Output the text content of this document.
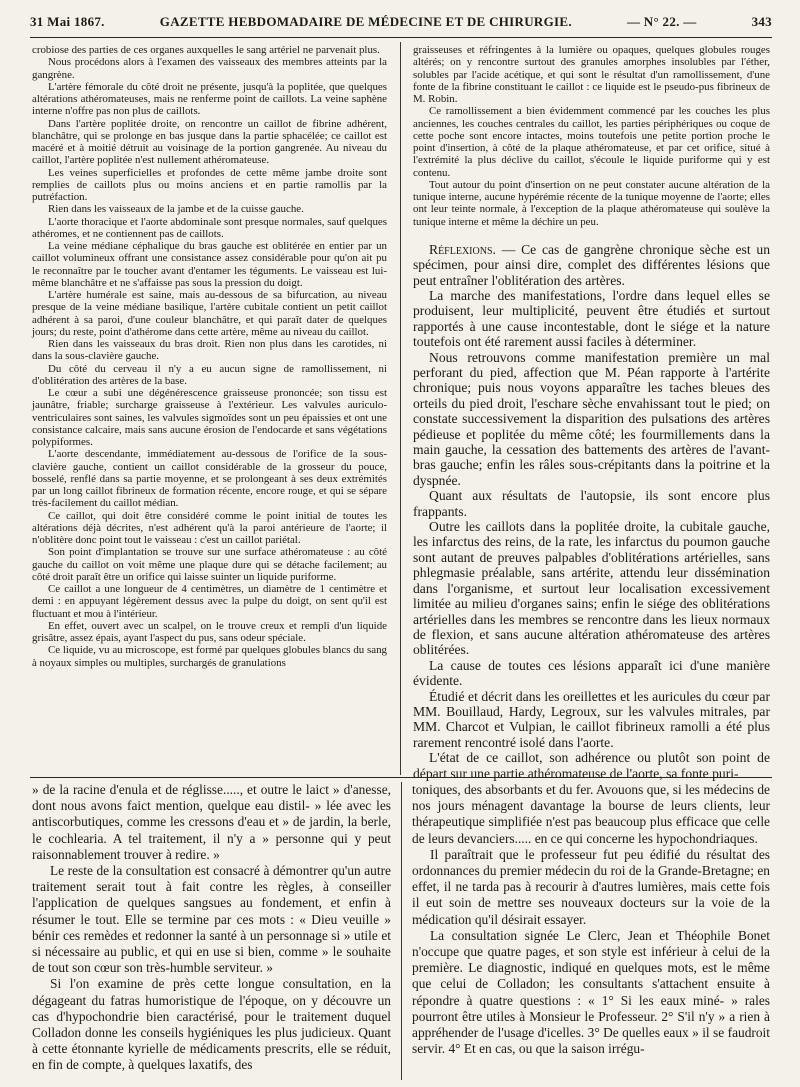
31 Mai 1867.	GAZETTE HEBDOMADAIRE DE MÉDECINE ET DE CHIRURGIE.	— N° 22. —	343

crobiose des parties de ces organes auxquelles le sang artériel ne parvenait plus.

Nous procédons alors à l'examen des vaisseaux des membres atteints par la gangrène.

L'artère fémorale du côté droit ne présente, jusqu'à la poplitée, que quelques altérations athéromateuses, mais ne renferme point de caillots. La veine saphène interne n'offre pas non plus de caillots.

Dans l'artère poplitée droite, on rencontre un caillot de fibrine adhérent, blanchâtre, qui se prolonge en bas jusque dans la partie sphacélée; ce caillot est macéré et à moitié détruit au voisinage de la portion gangrenée. Au niveau du caillot, l'artère poplitée n'est nullement athéromateuse.

Les veines superficielles et profondes de cette même jambe droite sont remplies de caillots plus ou moins anciens et en partie ramollis par la putréfaction.

Rien dans les vaisseaux de la jambe et de la cuisse gauche.

L'aorte thoracique et l'aorte abdominale sont presque normales, sauf quelques athéromes, et ne contiennent pas de caillots.

La veine médiane céphalique du bras gauche est oblitérée en entier par un caillot volumineux offrant une consistance assez considérable pour qu'on ait pu le reconnaître par le toucher avant d'entamer les téguments. Le vaisseau est lui-même blanchâtre et ne s'affaisse pas sous la pression du doigt.

L'artère humérale est saine, mais au-dessous de sa bifurcation, au niveau presque de la veine médiane basilique, l'artère cubitale contient un petit caillot adhérent à sa paroi, d'une couleur blanchâtre, et qui paraît dater de quelques jours; du reste, point d'athérome dans cette artère, même au niveau du caillot.

Rien dans les vaisseaux du bras droit. Rien non plus dans les carotides, ni dans la sous-clavière gauche.

Du côté du cerveau il n'y a eu aucun signe de ramollissement, ni d'oblitération des artères de la base.

Le cœur a subi une dégénérescence graisseuse prononcée; son tissu est jaunâtre, friable; surcharge graisseuse à l'extérieur. Les valvules auriculo-ventriculaires sont saines, les valvules sigmoïdes sont un peu épaissies et ont une consistance calcaire, mais sans aucune érosion de l'endocarde et sans végétations polypiformes.

L'aorte descendante, immédiatement au-dessous de l'orifice de la sous-clavière gauche, contient un caillot considérable de la grosseur du pouce, bosselé, renflé dans sa partie moyenne, et se prolongeant à ses deux extrémités par un long caillot fibrineux de formation récente, encore rouge, et qui se sépare très-facilement du caillot médian.

Ce caillot, qui doit être considéré comme le point initial de toutes les altérations déjà décrites, n'est adhérent qu'à la paroi antérieure de l'aorte; il n'oblitère donc point tout le vaisseau : c'est un caillot pariétal.

Son point d'implantation se trouve sur une surface athéromateuse : au côté gauche du caillot on voit même une plaque dure qui se détache facilement; au côté droit paraît être un orifice qui laisse suinter un liquide puriforme.

Ce caillot a une longueur de 4 centimètres, un diamètre de 1 centimètre et demi : en appuyant légèrement dessus avec la pulpe du doigt, on sent qu'il est fluctuant et mou à l'intérieur.

En effet, ouvert avec un scalpel, on le trouve creux et rempli d'un liquide grisâtre, assez épais, ayant l'aspect du pus, sans odeur spéciale.

Ce liquide, vu au microscope, est formé par quelques globules blancs du sang à noyaux simples ou multiples, surchargés de granulations

graisseuses et réfringentes à la lumière ou opaques, quelques globules rouges altérés; on y rencontre surtout des granules amorphes insolubles par l'éther, solubles par l'acide acétique, et qui sont le résultat d'un ramollissement, d'une fonte de la fibrine constituant le caillot : ce liquide est le pseudo-pus fibrineux de M. Robin.

Ce ramollissement a bien évidemment commencé par les couches les plus anciennes, les couches centrales du caillot, les parties périphériques ou coque de cette poche sont encore intactes, moins toutefois une petite portion proche le point d'insertion, à côté de la plaque athéromateuse, et par cet orifice, situé à l'extrémité la plus déclive du caillot, s'écoule le liquide puriforme qui y est contenu.

Tout autour du point d'insertion on ne peut constater aucune altération de la tunique interne, aucune hypérémie récente de la tunique moyenne de l'aorte; elles ont leur teinte normale, à l'exception de la plaque athéromateuse qui soulève la tunique interne et même la déchire un peu.

Réflexions. — Ce cas de gangrène chronique sèche est un spécimen, pour ainsi dire, complet des différentes lésions que peut entraîner l'oblitération des artères.

La marche des manifestations, l'ordre dans lequel elles se produisent, leur multiplicité, peuvent être étudiés et surtout rapportés à une cause incontestable, dont le siége et la nature toutefois ont été rarement aussi faciles à déterminer.

Nous retrouvons comme manifestation première un mal perforant du pied, affection que M. Péan rapporte à l'artérite chronique; puis nous voyons apparaître les taches bleues des orteils du pied droit, l'eschare sèche envahissant tout le pied; on constate successivement la disparition des pulsations des artères pédieuse et poplitée du même côté; les fourmillements dans la main gauche, la cessation des battements des artères de l'avant-bras gauche; enfin les râles sous-crépitants dans la poitrine et la dyspnée.

Quant aux résultats de l'autopsie, ils sont encore plus frappants.

Outre les caillots dans la poplitée droite, la cubitale gauche, les infarctus des reins, de la rate, les infarctus du poumon gauche sont autant de preuves palpables d'oblitérations artérielles, sans phlegmasie préalable, sans artérite, attendu leur dissémination dans l'organisme, et surtout leur localisation excessivement limitée au milieu d'organes sains; enfin le siége des oblitérations artérielles dans les membres se rencontre dans les lieux normaux de flexion, et sans aucune altération athéromateuse des artères oblitérées.

La cause de toutes ces lésions apparaît ici d'une manière évidente.

Étudié et décrit dans les oreillettes et les auricules du cœur par MM. Bouillaud, Hardy, Legroux, sur les valvules mitrales, par MM. Charcot et Vulpian, le caillot fibrineux ramolli a été plus rarement rencontré isolé dans l'aorte.

L'état de ce caillot, son adhérence ou plutôt son point de départ sur une partie athéromateuse de l'aorte, sa fonte puri-

» de la racine d'enula et de réglisse....., et outre le laict » d'anesse, dont nous avons faict mention, quelque eau distil- » lée avec les antiscorbutiques, comme les cressons d'eau et » de jardin, la berle, le cochlearia. A tel traitement, il n'y a » personne qui y peut raisonnablement trouver à redire. »

Le reste de la consultation est consacré à démontrer qu'un autre traitement serait tout à fait contre les règles, à conseiller l'application de quelques sangsues au fondement, et enfin à résumer le tout. Elle se termine par ces mots : « Dieu veuille » bénir ces remèdes et redonner la santé à un personnage si » utile et si nécessaire au public, et qui en use si bien, comme » le souhaite de tout son cœur son très-humble serviteur. »

Si l'on examine de près cette longue consultation, en la dégageant du fatras humoristique de l'époque, on y découvre un cas d'hypochondrie bien caractérisé, pour le traitement duquel Colladon donne les conseils hygiéniques les plus judicieux. Quant à cette étonnante kyrielle de médicaments prescrits, elle se réduit, en fin de compte, à quelques laxatifs, des

toniques, des absorbants et du fer. Avouons que, si les médecins de nos jours ménagent davantage la bourse de leurs clients, leur thérapeutique simplifiée n'est pas beaucoup plus efficace que celle de leurs devanciers..... en ce qui concerne les hypochondriaques.

Il paraîtrait que le professeur fut peu édifié du résultat des ordonnances du premier médecin du roi de la Grande-Bretagne; en effet, il ne tarda pas à recourir à d'autres lumières, mais cette fois il eut soin de mettre ses nouveaux docteurs sur la voie de la médication qu'il désirait essayer.

La consultation signée Le Clerc, Jean et Théophile Bonet n'occupe que quatre pages, et son style est inférieur à celui de la première. Le diagnostic, indiqué en quelques mots, est le même que celui de Colladon; les consultants s'attachent ensuite à répondre à quatre questions : « 1° Si les eaux miné- » rales pourront être utiles à Monsieur le Professeur. 2° S'il n'y » a rien à appréhender de l'usage d'icelles. 3° De quelles eaux » il se faudroit servir. 4° Et en cas, ou que la saison irrégu-
